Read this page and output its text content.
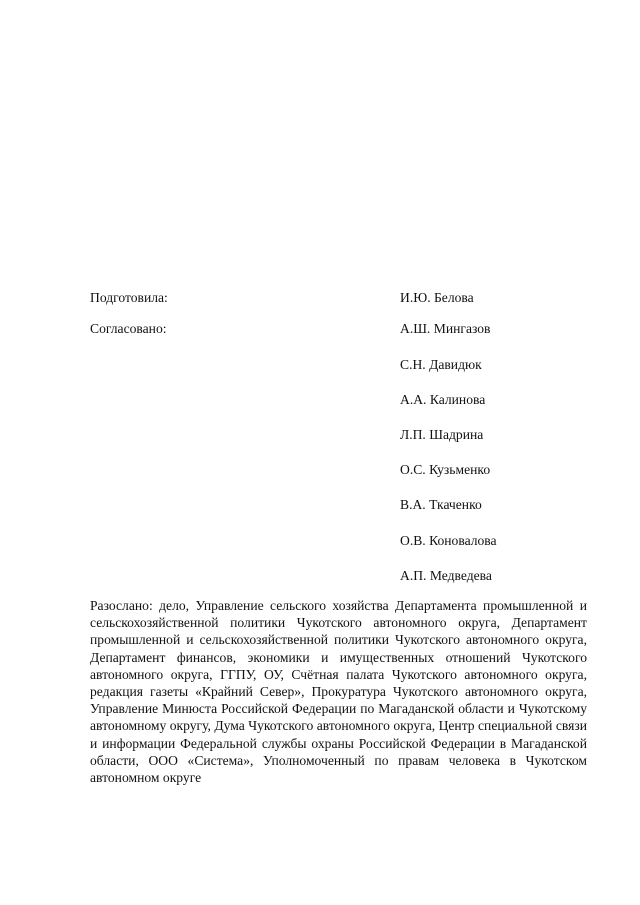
Подготовила:	И.Ю. Белова
Согласовано:	А.Ш. Мингазов
С.Н. Давидюк
А.А. Калинова
Л.П. Шадрина
О.С. Кузьменко
В.А. Ткаченко
О.В. Коновалова
А.П. Медведева
Разослано: дело, Управление сельского хозяйства Департамента промышленной и сельскохозяйственной политики Чукотского автономного округа, Департамент промышленной и сельскохозяйственной политики Чукотского автономного округа, Департамент финансов, экономики и имущественных отношений Чукотского автономного округа, ГГПУ, ОУ, Счётная палата Чукотского автономного округа, редакция газеты «Крайний Север», Прокуратура Чукотского автономного округа, Управление Минюста Российской Федерации по Магаданской области и Чукотскому автономному округу, Дума Чукотского автономного округа, Центр специальной связи и информации Федеральной службы охраны Российской Федерации в Магаданской области, ООО «Система», Уполномоченный по правам человека в Чукотском автономном округе
